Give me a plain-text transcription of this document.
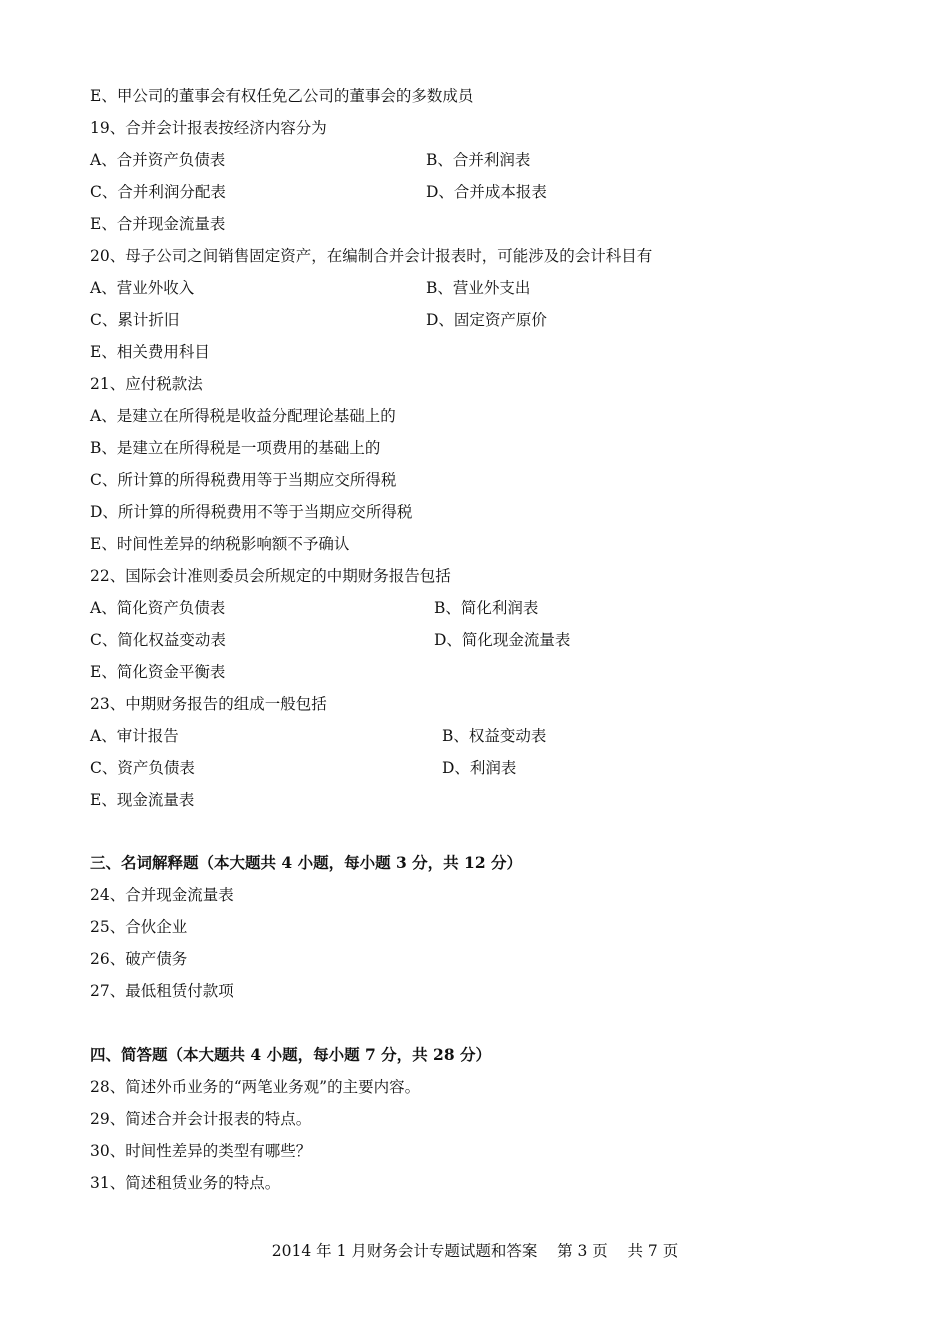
E、甲公司的董事会有权任免乙公司的董事会的多数成员
19、合并会计报表按经济内容分为
A、合并资产负债表	B、合并利润表
C、合并利润分配表	D、合并成本报表
E、合并现金流量表
20、母子公司之间销售固定资产，在编制合并会计报表时，可能涉及的会计科目有
A、营业外收入	B、营业外支出
C、累计折旧	D、固定资产原价
E、相关费用科目
21、应付税款法
A、是建立在所得税是收益分配理论基础上的
B、是建立在所得税是一项费用的基础上的
C、所计算的所得税费用等于当期应交所得税
D、所计算的所得税费用不等于当期应交所得税
E、时间性差异的纳税影响额不予确认
22、国际会计准则委员会所规定的中期财务报告包括
A、简化资产负债表	B、简化利润表
C、简化权益变动表	D、简化现金流量表
E、简化资金平衡表
23、中期财务报告的组成一般包括
A、审计报告	B、权益变动表
C、资产负债表	D、利润表
E、现金流量表
三、名词解释题（本大题共 4 小题，每小题 3 分，共 12 分）
24、合并现金流量表
25、合伙企业
26、破产债务
27、最低租赁付款项
四、简答题（本大题共 4 小题，每小题 7 分，共 28 分）
28、简述外币业务的“两笔业务观”的主要内容。
29、简述合并会计报表的特点。
30、时间性差异的类型有哪些？
31、简述租赁业务的特点。
2014 年 1 月财务会计专题试题和答案    第 3 页    共 7 页
